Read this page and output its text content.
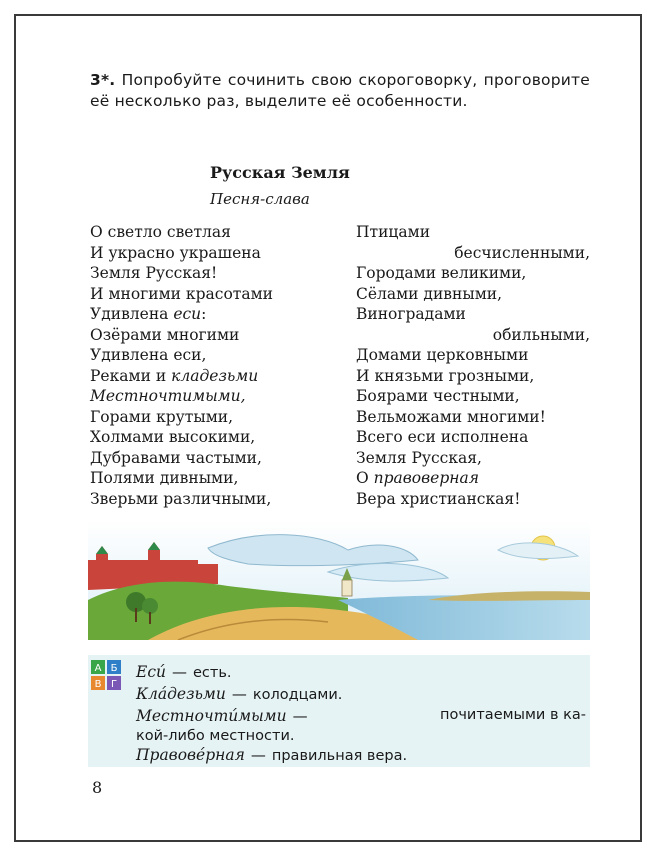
3*. Попробуйте сочинить свою скороговорку, проговорите её несколько раз, выделите её особенности.
Русская Земля
Песня-слава
О светло светлая
И украсно украшена
Земля Русская!
И многими красотами
Удивлена еси:
Озёрами многими
Удивлена еси,
Реками и кладезьми
Местночтимыми,
Горами крутыми,
Холмами высокими,
Дубравами частыми,
Полями дивными,
Зверьми различными,
Птицами
бесчисленными,
Городами великими,
Сёлами дивными,
Виноградами
обильными,
Домами церковными
И князьми грозными,
Боярами честными,
Вельможами многими!
Всего еси исполнена
Земля Русская,
О правоверная
Вера христианская!
А Б
В Г
Еси́ — есть.
Кла́дезьми — колодцами.
Местночти́мыми —	почитаемыми в ка-
кой-либо местности.
Правове́рная — правильная вера.
8
